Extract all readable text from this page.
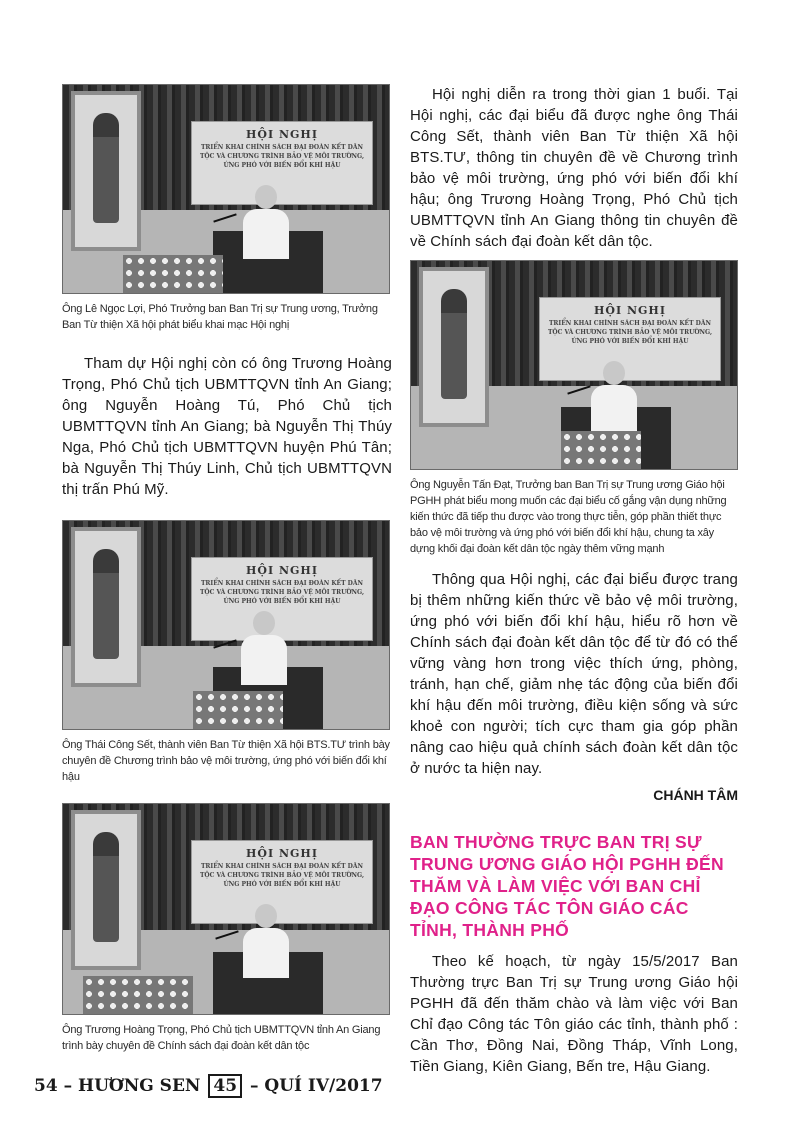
HỘI NGHỊ
TRIỂN KHAI CHÍNH SÁCH ĐẠI ĐOÀN KẾT DÂN TỘC VÀ CHƯƠNG TRÌNH BẢO VỆ MÔI TRƯỜNG, ỨNG PHÓ VỚI BIẾN ĐỔI KHÍ HẬU

Ông Lê Ngọc Lợi, Phó Trưởng ban Ban Trị sự Trung ương, Trưởng Ban Từ thiện Xã hội phát biểu khai mạc Hội nghị

Tham dự Hội nghị còn có ông Trương Hoàng Trọng, Phó Chủ tịch UBMTTQVN tỉnh An Giang; ông Nguyễn Hoàng Tú, Phó Chủ tịch UBMTTQVN tỉnh An Giang; bà Nguyễn Thị Thúy Nga, Phó Chủ tịch UBMTTQVN huyện Phú Tân; bà Nguyễn Thị Thúy Linh, Chủ tịch UBMTTQVN thị trấn Phú Mỹ.

HỘI NGHỊ
TRIỂN KHAI CHÍNH SÁCH ĐẠI ĐOÀN KẾT DÂN TỘC VÀ CHƯƠNG TRÌNH BẢO VỆ MÔI TRƯỜNG, ỨNG PHÓ VỚI BIẾN ĐỔI KHÍ HẬU

Ông Thái Công Sết, thành viên Ban Từ thiện Xã hội BTS.TƯ trình bày chuyên đề Chương trình bảo vệ môi trường, ứng phó với biến đổi khí hậu

HỘI NGHỊ
TRIỂN KHAI CHÍNH SÁCH ĐẠI ĐOÀN KẾT DÂN TỘC VÀ CHƯƠNG TRÌNH BẢO VỆ MÔI TRƯỜNG, ỨNG PHÓ VỚI BIẾN ĐỔI KHÍ HẬU

Ông Trương Hoàng Trọng, Phó Chủ tịch UBMTTQVN tỉnh An Giang trình bày chuyên đề Chính sách đại đoàn kết dân tộc

Hội nghị diễn ra trong thời gian 1 buổi. Tại Hội nghị, các đại biểu đã được nghe ông Thái Công Sết, thành viên Ban Từ thiện Xã hội BTS.TƯ, thông tin chuyên đề về Chương trình bảo vệ môi trường, ứng phó với biến đổi khí hậu; ông Trương Hoàng Trọng, Phó Chủ tịch UBMTTQVN tỉnh An Giang thông tin chuyên đề về Chính sách đại đoàn kết dân tộc.

HỘI NGHỊ
TRIỂN KHAI CHÍNH SÁCH ĐẠI ĐOÀN KẾT DÂN TỘC VÀ CHƯƠNG TRÌNH BẢO VỆ MÔI TRƯỜNG, ỨNG PHÓ VỚI BIẾN ĐỔI KHÍ HẬU

Ông Nguyễn Tấn Đạt, Trưởng ban Ban Trị sự Trung ương Giáo hội PGHH phát biểu mong muốn các đại biểu cố gắng vận dụng những kiến thức đã tiếp thu được vào trong thực tiễn, góp phần thiết thực bảo vệ môi trường và ứng phó với biến đổi khí hậu, chung ta xây dựng khối đại đoàn kết dân tộc ngày thêm vững mạnh

Thông qua Hội nghị, các đại biểu được trang bị thêm những kiến thức về bảo vệ môi trường, ứng phó với biến đổi khí hậu, hiểu rõ hơn về Chính sách đại đoàn kết dân tộc để từ đó có thể vững vàng hơn trong việc thích ứng, phòng, tránh, hạn chế, giảm nhẹ tác động của biến đổi khí hậu đến môi trường, điều kiện sống và sức khoẻ con người; tích cực tham gia góp phần nâng cao hiệu quả chính sách đoàn kết dân tộc ở nước ta hiện nay.

CHÁNH TÂM

BAN THƯỜNG TRỰC BAN TRỊ SỰ TRUNG ƯƠNG GIÁO HỘI PGHH ĐẾN THĂM VÀ LÀM VIỆC VỚI BAN CHỈ ĐẠO CÔNG TÁC TÔN GIÁO CÁC TỈNH, THÀNH PHỐ

Theo kế hoạch, từ ngày 15/5/2017 Ban Thường trực Ban Trị sự Trung ương Giáo hội PGHH đã đến thăm chào và làm việc với Ban Chỉ đạo Công tác Tôn giáo các tỉnh, thành phố : Cần Thơ, Đồng Nai, Đồng Tháp, Vĩnh Long, Tiền Giang, Kiên Giang, Bến tre, Hậu Giang.

54 – HƯƠNG SEN 45 – QUÍ IV/2017
